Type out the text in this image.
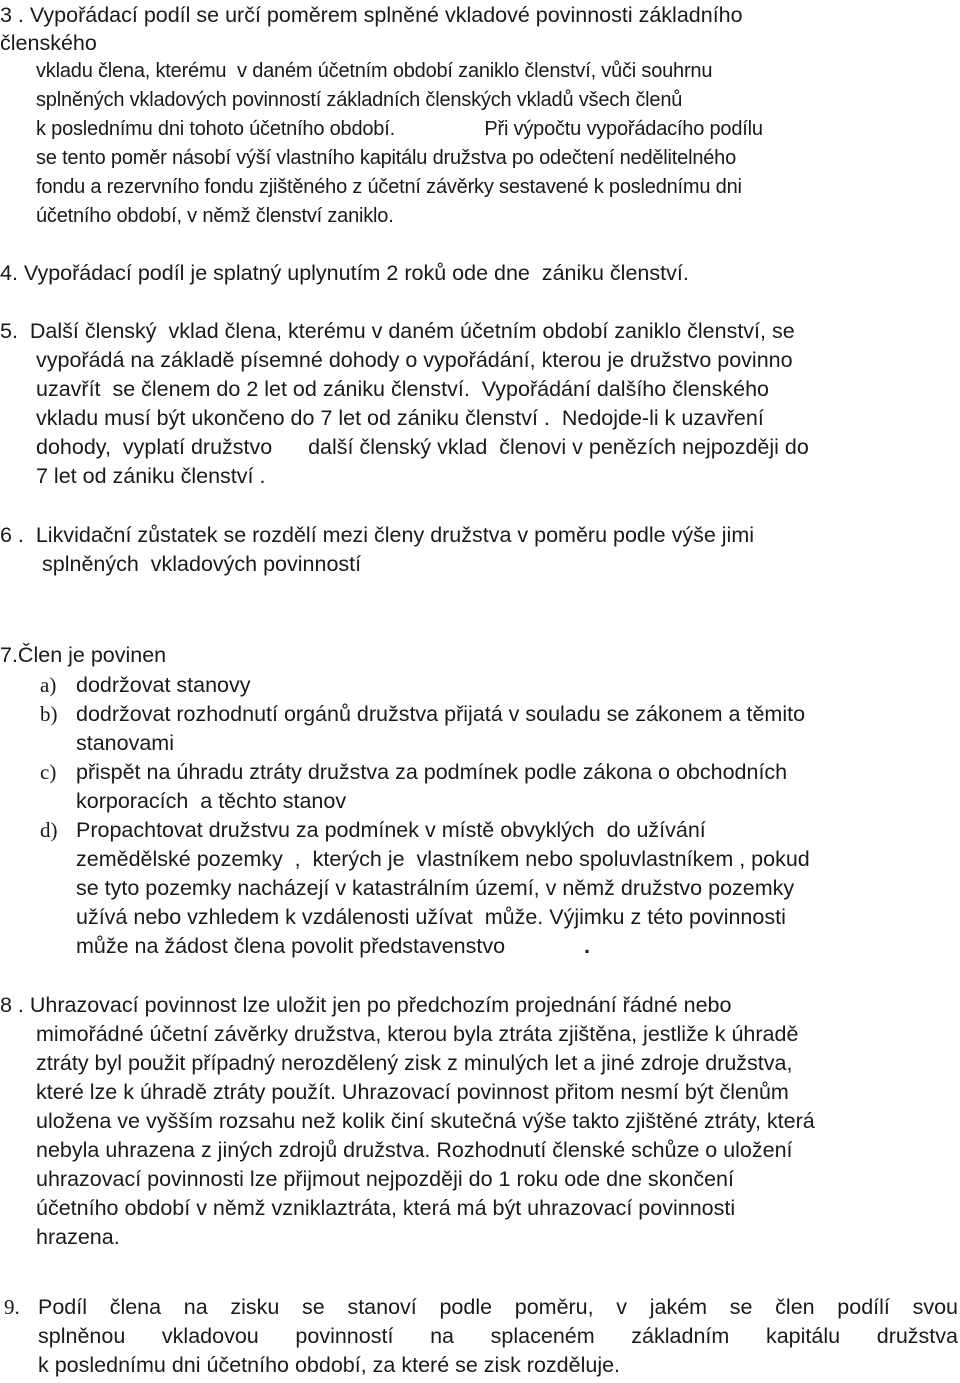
3 . Vypořádací podíl se určí poměrem splněné vkladové povinnosti základního
členského
vkladu člena, kterému  v daném účetním období zaniklo členství, vůči souhrnu
splněných vkladových povinností základních členských vkladů všech členů
k poslednímu dni tohoto účetního období.	Při výpočtu vypořádacího podílu
se tento poměr násobí výší vlastního kapitálu družstva po odečtení nedělitelného
fondu a rezervního fondu zjištěného z účetní závěrky sestavené k poslednímu dni
účetního období, v němž členství zaniklo.
4. Vypořádací podíl je splatný uplynutím 2 roků ode dne  zániku členství.
5.  Další členský  vklad člena, kterému v daném účetním období zaniklo členství, se
vypořádá na základě písemné dohody o vypořádání, kterou je družstvo povinno
uzavřít  se členem do 2 let od zániku členství.  Vypořádání dalšího členského
vkladu musí být ukončeno do 7 let od zániku členství .  Nedojde-li k uzavření
dohody,  vyplatí družstvo      další členský vklad  členovi v penězích nejpozději do
7 let od zániku členství .
6 .  Likvidační zůstatek se rozdělí mezi členy družstva v poměru podle výše jimi
splněných  vkladových povinností
7.Člen je povinen
a) dodržovat stanovy
b) dodržovat rozhodnutí orgánů družstva přijatá v souladu se zákonem a těmito
stanovami
c) přispět na úhradu ztráty družstva za podmínek podle zákona o obchodních
korporacích  a těchto stanov
d) Propachtovat družstvu za podmínek v místě obvyklých  do užívání
zemědělské pozemky  ,  kterých je  vlastníkem nebo spoluvlastníkem , pokud
se tyto pozemky nacházejí v katastrálním území, v němž družstvo pozemky
užívá nebo vzhledem k vzdálenosti užívat  může. Výjimku z této povinnosti
může na žádost člena povolit představenstvo	.
8 . Uhrazovací povinnost lze uložit jen po předchozím projednání řádné nebo
mimořádné účetní závěrky družstva, kterou byla ztráta zjištěna, jestliže k úhradě
ztráty byl použit případný nerozdělený zisk z minulých let a jiné zdroje družstva,
které lze k úhradě ztráty použít. Uhrazovací povinnost přitom nesmí být členům
uložena ve vyšším rozsahu než kolik činí skutečná výše takto zjištěné ztráty, která
nebyla uhrazena z jiných zdrojů družstva. Rozhodnutí členské schůze o uložení
uhrazovací povinnosti lze přijmout nejpozději do 1 roku ode dne skončení
účetního období v němž vzniklaztráta, která má být uhrazovací povinnosti
hrazena.
9. Podíl člena na zisku se stanoví podle poměru, v jakém se člen podílí svou
splněnou vkladovou povinností na splaceném základním kapitálu družstva
k poslednímu dni účetního období, za které se zisk rozděluje.
